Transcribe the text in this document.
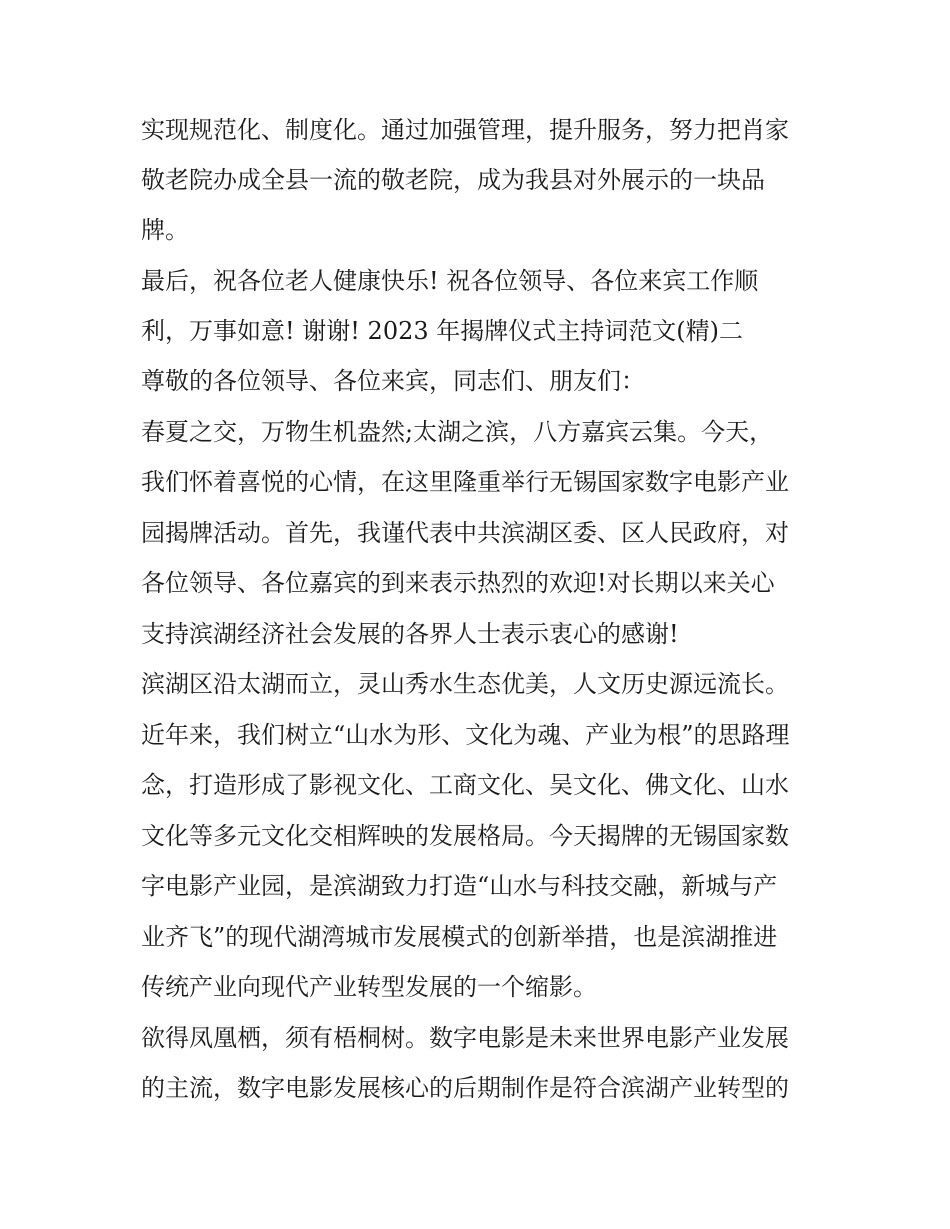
实现规范化、制度化。通过加强管理，提升服务，努力把肖家

敬老院办成全县一流的敬老院，成为我县对外展示的一块品

牌。

最后，祝各位老人健康快乐! 祝各位领导、各位来宾工作顺

利，万事如意! 谢谢! 2023 年揭牌仪式主持词范文(精)二

尊敬的各位领导、各位来宾，同志们、朋友们：

春夏之交，万物生机盎然;太湖之滨，八方嘉宾云集。今天，

我们怀着喜悦的心情，在这里隆重举行无锡国家数字电影产业

园揭牌活动。首先，我谨代表中共滨湖区委、区人民政府，对

各位领导、各位嘉宾的到来表示热烈的欢迎!对长期以来关心

支持滨湖经济社会发展的各界人士表示衷心的感谢!

滨湖区沿太湖而立，灵山秀水生态优美，人文历史源远流长。

近年来，我们树立“山水为形、文化为魂、产业为根”的思路理

念，打造形成了影视文化、工商文化、吴文化、佛文化、山水

文化等多元文化交相辉映的发展格局。今天揭牌的无锡国家数

字电影产业园，是滨湖致力打造“山水与科技交融，新城与产

业齐飞”的现代湖湾城市发展模式的创新举措，也是滨湖推进

传统产业向现代产业转型发展的一个缩影。

欲得凤凰栖，须有梧桐树。数字电影是未来世界电影产业发展

的主流，数字电影发展核心的后期制作是符合滨湖产业转型的
